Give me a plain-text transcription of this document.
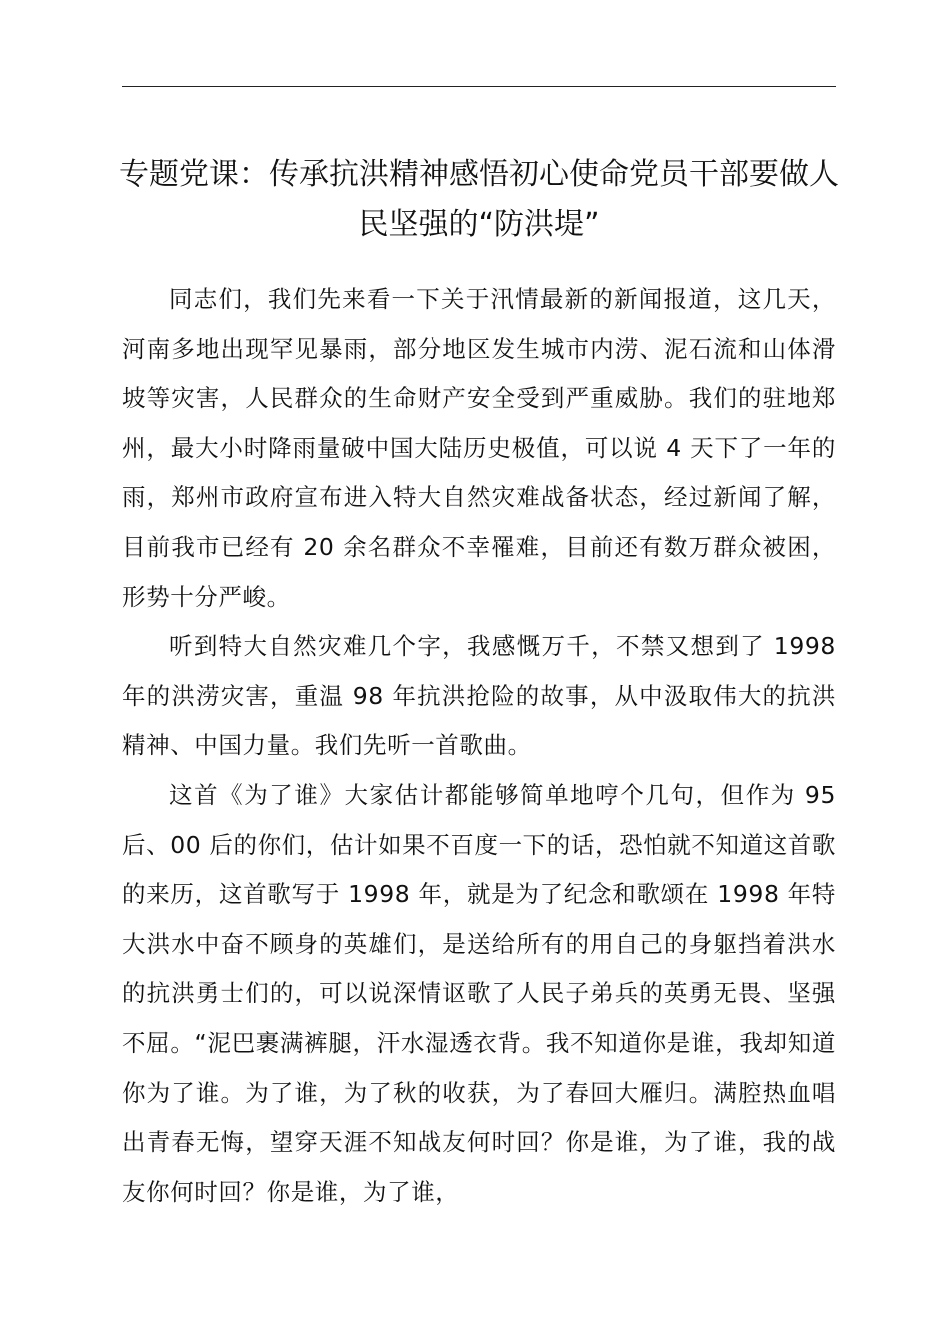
专题党课：传承抗洪精神感悟初心使命党员干部要做人民坚强的“防洪堤”

同志们，我们先来看一下关于汛情最新的新闻报道，这几天，河南多地出现罕见暴雨，部分地区发生城市内涝、泥石流和山体滑坡等灾害，人民群众的生命财产安全受到严重威胁。我们的驻地郑州，最大小时降雨量破中国大陆历史极值，可以说 4 天下了一年的雨，郑州市政府宣布进入特大自然灾难战备状态，经过新闻了解，目前我市已经有 20 余名群众不幸罹难，目前还有数万群众被困，形势十分严峻。

听到特大自然灾难几个字，我感慨万千，不禁又想到了 1998 年的洪涝灾害，重温 98 年抗洪抢险的故事，从中汲取伟大的抗洪精神、中国力量。我们先听一首歌曲。

这首《为了谁》大家估计都能够简单地哼个几句，但作为 95 后、00 后的你们，估计如果不百度一下的话，恐怕就不知道这首歌的来历，这首歌写于 1998 年，就是为了纪念和歌颂在 1998 年特大洪水中奋不顾身的英雄们，是送给所有的用自己的身躯挡着洪水的抗洪勇士们的，可以说深情讴歌了人民子弟兵的英勇无畏、坚强不屈。“泥巴裹满裤腿，汗水湿透衣背。我不知道你是谁，我却知道你为了谁。为了谁，为了秋的收获，为了春回大雁归。满腔热血唱出青春无悔，望穿天涯不知战友何时回？你是谁，为了谁，我的战友你何时回？你是谁，为了谁，
